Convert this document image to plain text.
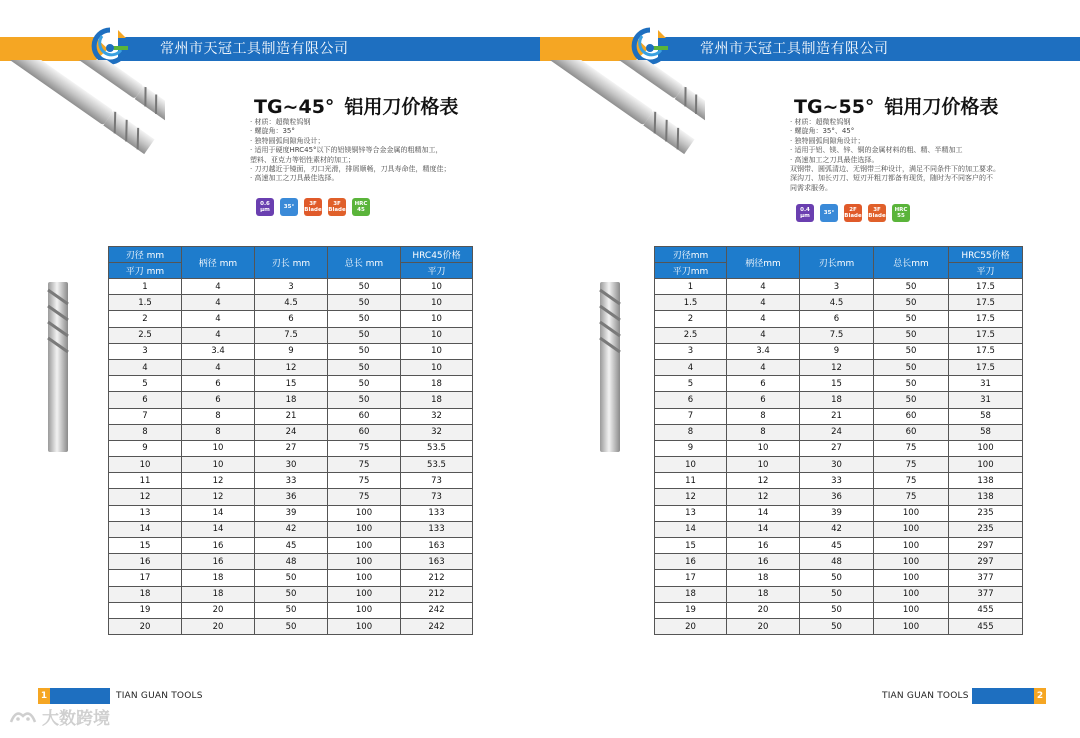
常州市天冠工具制造有限公司
TG~45° 铝用刀价格表
· 材质：超微粒钨钢
· 螺旋角：35°
· 独特圆弧间隙角设计；
· 适用于硬度HRC45°以下的铝镁铜锌等合金金属的粗精加工，
塑料、亚克力等铝性素材的加工；
· 刀刃越近于镜面，刃口光滑，排屑顺畅，刀具寿命佳，精度佳；
· 高速加工之刀具最佳选择。
0.6
μm	35°	3F Blade
3F Blade
HRC
45
刃径 mm	柄径 mm	刃长 mm	总长 mm	HRC45价格
平刀 mm				平刀
1	4	3	50	10
1.5	4	4.5	50	10
2	4	6	50	10
2.5	4	7.5	50	10
3	3.4	9	50	10
4	4	12	50	10
5	6	15	50	18
6	6	18	50	18
7	8	21	60	32
8	8	24	60	32
9	10	27	75	53.5
10	10	30	75	53.5
11	12	33	75	73
12	12	36	75	73
13	14	39	100	133
14	14	42	100	133
15	16	45	100	163
16	16	48	100	163
17	18	50	100	212
18	18	50	100	212
19	20	50	100	242
20	20	50	100	242
1	TIAN GUAN TOOLS
常州市天冠工具制造有限公司
TG~55° 铝用刀价格表
· 材质：超微粒钨钢
· 螺旋角：35°、45°
· 独特圆弧间隙角设计；
· 适用于铝、镁、锌、铜的金属材料的粗、精、半精加工
· 高速加工之刀具最佳选择。
双钢带、圆弧清边、无钢带三种设计，满足不同条件下的加工要求。
深沟刀、加长刃刀、短刃开粗刀都备有现货，随时为不同客户的不
同需求服务。
0.4
μm	35°	2F Blade
3F Blade
HRC
55
刃径mm	柄径mm	刃长mm	总长mm	HRC55价格
平刀mm				平刀
1	4	3	50	17.5
1.5	4	4.5	50	17.5
2	4	6	50	17.5
2.5	4	7.5	50	17.5
3	3.4	9	50	17.5
4	4	12	50	17.5
5	6	15	50	31
6	6	18	50	31
7	8	21	60	58
8	8	24	60	58
9	10	27	75	100
10	10	30	75	100
11	12	33	75	138
12	12	36	75	138
13	14	39	100	235
14	14	42	100	235
15	16	45	100	297
16	16	48	100	297
17	18	50	100	377
18	18	50	100	377
19	20	50	100	455
20	20	50	100	455
TIAN GUAN TOOLS	2
大数跨境
